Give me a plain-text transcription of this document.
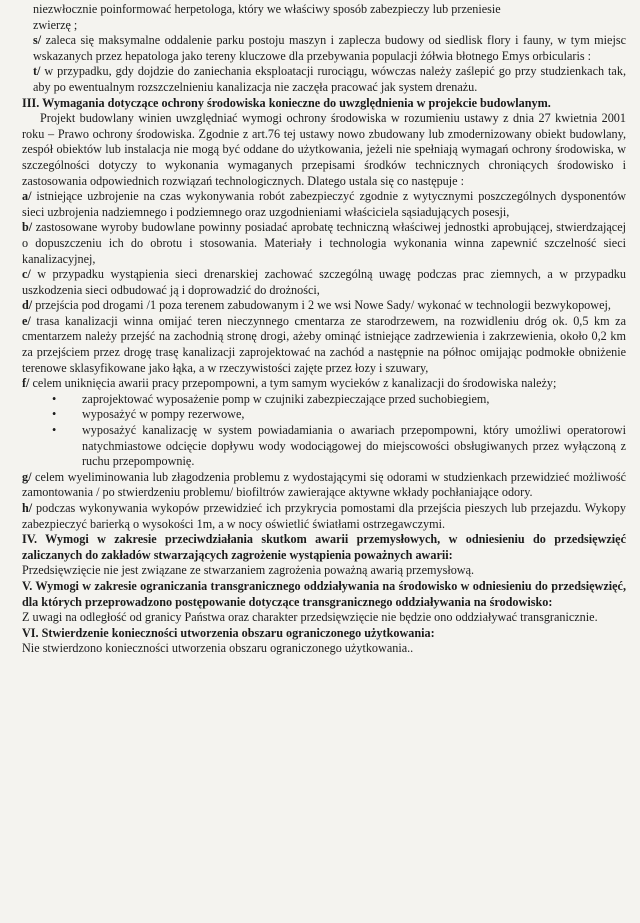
niezwłocznie poinformować herpetologa, który we właściwy sposób zabezpieczy lub przeniesie
zwierzę ;

s/ zaleca się maksymalne oddalenie parku postoju maszyn i zaplecza budowy od siedlisk flory i fauny, w tym miejsc wskazanych przez hepatologa jako tereny kluczowe dla przebywania populacji żółwia błotnego Emys orbicularis :

t/ w przypadku, gdy dojdzie do zaniechania eksploatacji rurociągu, wówczas należy zaślepić go przy studzienkach tak, aby po ewentualnym rozszczelnieniu kanalizacja nie zaczęła pracować jak system drenażu.

III. Wymagania dotyczące ochrony środowiska konieczne do uwzględnienia w projekcie budowlanym.

Projekt budowlany winien uwzględniać wymogi ochrony środowiska w rozumieniu ustawy z dnia 27 kwietnia 2001 roku – Prawo ochrony środowiska. Zgodnie z art.76 tej ustawy nowo zbudowany lub zmodernizowany obiekt budowlany, zespół obiektów lub instalacja nie mogą być oddane do użytkowania, jeżeli nie spełniają wymagań ochrony środowiska, w szczególności dotyczy to wykonania wymaganych przepisami środków technicznych chroniących środowisko i zastosowania odpowiednich rozwiązań technologicznych. Dlatego ustala się co następuje :

a/ istniejące uzbrojenie na czas wykonywania robót zabezpieczyć zgodnie z wytycznymi poszczególnych dysponentów sieci uzbrojenia nadziemnego i podziemnego oraz uzgodnieniami właściciela sąsiadujących posesji,

b/ zastosowane wyroby budowlane powinny posiadać aprobatę techniczną właściwej jednostki aprobującej, stwierdzającej o dopuszczeniu ich do obrotu i stosowania. Materiały i technologia wykonania winna zapewnić szczelność sieci kanalizacyjnej,

c/ w przypadku wystąpienia sieci drenarskiej zachować szczególną uwagę podczas prac ziemnych, a w przypadku uszkodzenia sieci odbudować ją i doprowadzić do drożności,

d/ przejścia pod drogami /1 poza terenem zabudowanym i 2 we wsi Nowe Sady/ wykonać w technologii bezwykopowej,

e/ trasa kanalizacji winna omijać teren nieczynnego cmentarza ze starodrzewem, na rozwidleniu dróg ok. 0,5 km za cmentarzem należy przejść na zachodnią stronę drogi, ażeby ominąć istniejące zadrzewienia i zakrzewienia, około 0,2 km za przejściem przez drogę trasę kanalizacji zaprojektować na zachód a następnie na północ omijając podmokłe obniżenie terenowe sklasyfikowane jako łąka, a w rzeczywistości zajęte przez łozy i szuwary,

f/ celem uniknięcia awarii pracy przepompowni, a tym samym wycieków z kanalizacji do środowiska należy;

• zaprojektować wyposażenie pomp w czujniki zabezpieczające przed suchobiegiem,
• wyposażyć w pompy rezerwowe,
• wyposażyć kanalizację w system powiadamiania o awariach przepompowni, który umożliwi operatorowi natychmiastowe odcięcie dopływu wody wodociągowej do miejscowości obsługiwanych przez wyłączoną z ruchu przepompownię.

g/ celem wyeliminowania lub złagodzenia problemu z wydostającymi się odorami w studzienkach przewidzieć możliwość zamontowania / po stwierdzeniu problemu/ biofiltrów zawierające aktywne wkłady pochłaniające odory.

h/ podczas wykonywania wykopów przewidzieć ich przykrycia pomostami dla przejścia pieszych lub przejazdu. Wykopy zabezpieczyć barierką o wysokości 1m, a w nocy oświetlić światłami ostrzegawczymi.

IV. Wymogi w zakresie przeciwdziałania skutkom awarii przemysłowych, w odniesieniu do przedsięwzięć zaliczanych do zakładów stwarzających zagrożenie wystąpienia poważnych awarii:

Przedsięwzięcie nie jest związane ze stwarzaniem zagrożenia poważną awarią przemysłową.

V. Wymogi w zakresie ograniczania transgranicznego oddziaływania na środowisko w odniesieniu do przedsięwzięć, dla których przeprowadzono postępowanie dotyczące transgranicznego oddziaływania na środowisko:

Z uwagi na odległość od granicy Państwa oraz charakter przedsięwzięcie nie będzie ono oddziaływać transgranicznie.

VI. Stwierdzenie konieczności utworzenia obszaru ograniczonego użytkowania:

Nie stwierdzono konieczności utworzenia obszaru ograniczonego użytkowania..
